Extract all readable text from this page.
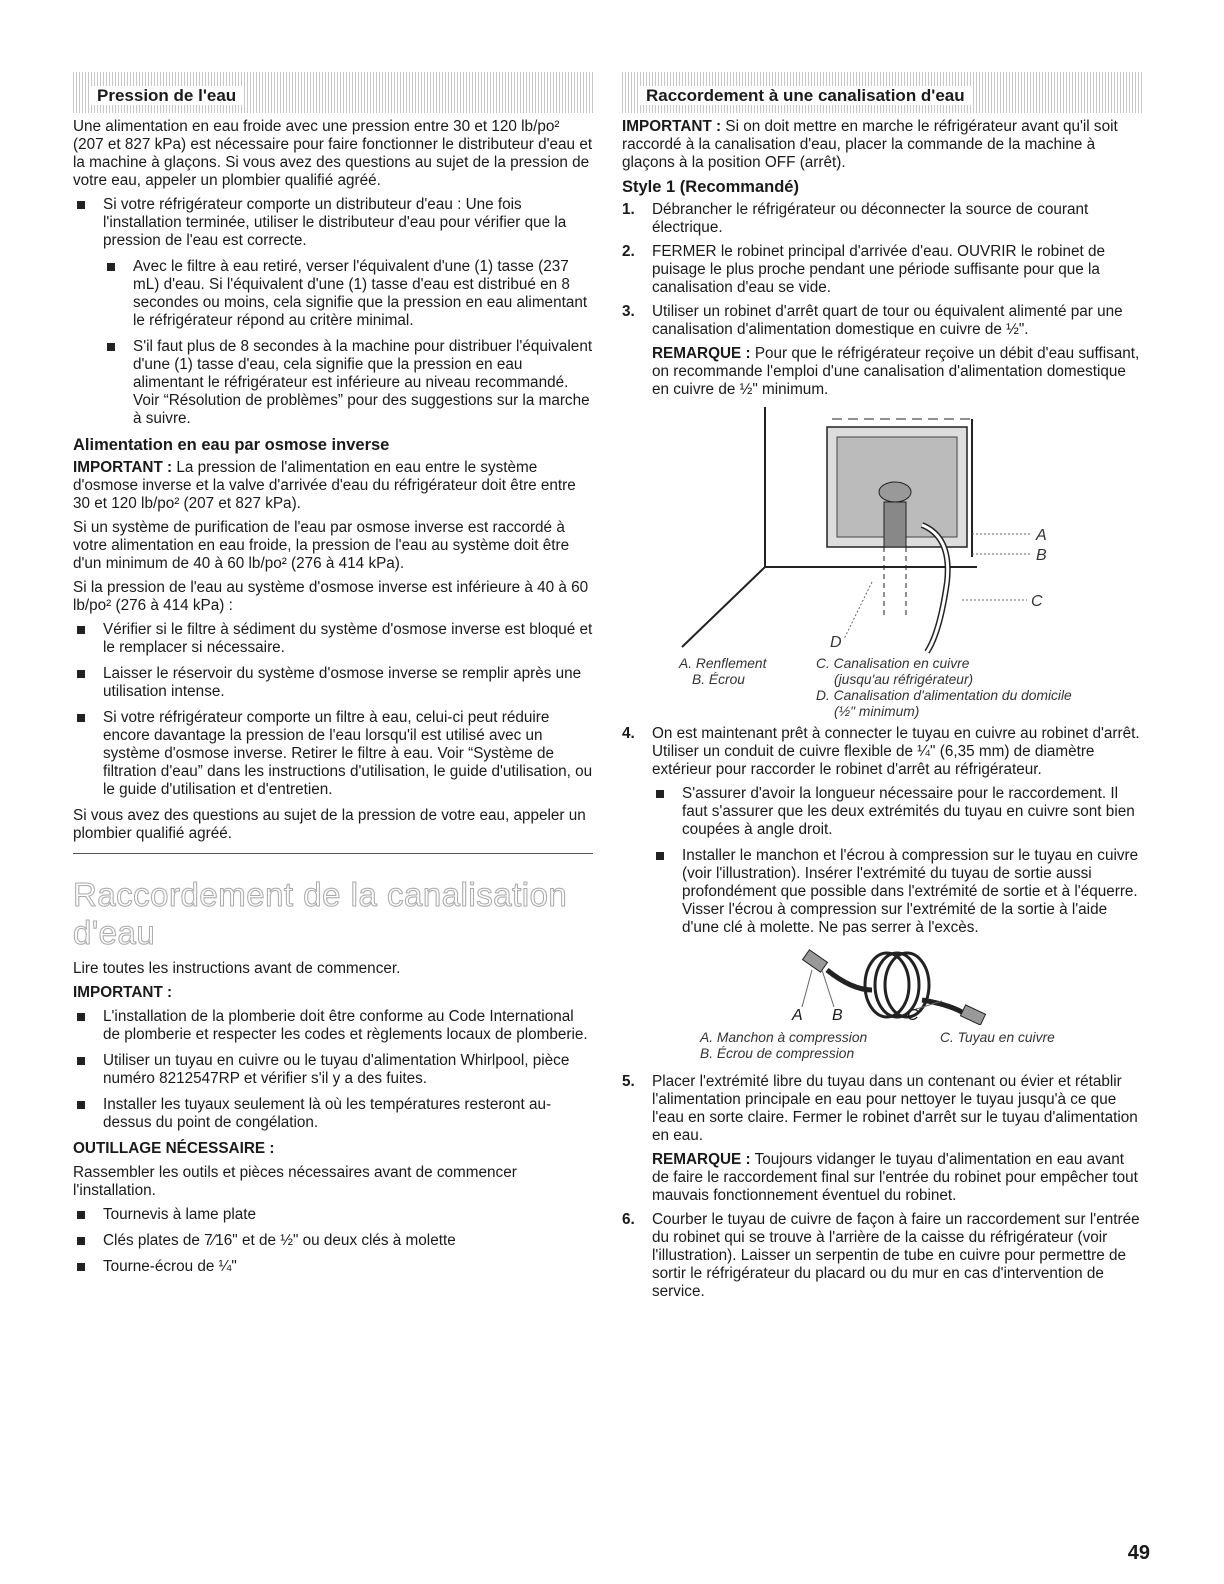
Pression de l'eau

Une alimentation en eau froide avec une pression entre 30 et 120 lb/po² (207 et 827 kPa) est nécessaire pour faire fonctionner le distributeur d'eau et la machine à glaçons. Si vous avez des questions au sujet de la pression de votre eau, appeler un plombier qualifié agréé.

Si votre réfrigérateur comporte un distributeur d'eau : Une fois l'installation terminée, utiliser le distributeur d'eau pour vérifier que la pression de l'eau est correcte.
Avec le filtre à eau retiré, verser l'équivalent d'une (1) tasse (237 mL) d'eau. Si l'équivalent d'une (1) tasse d'eau est distribué en 8 secondes ou moins, cela signifie que la pression en eau alimentant le réfrigérateur répond au critère minimal.
S'il faut plus de 8 secondes à la machine pour distribuer l'équivalent d'une (1) tasse d'eau, cela signifie que la pression en eau alimentant le réfrigérateur est inférieure au niveau recommandé. Voir “Résolution de problèmes” pour des suggestions sur la marche à suivre.
Alimentation en eau par osmose inverse

IMPORTANT : La pression de l'alimentation en eau entre le système d'osmose inverse et la valve d'arrivée d'eau du réfrigérateur doit être entre 30 et 120 lb/po² (207 et 827 kPa).

Si un système de purification de l'eau par osmose inverse est raccordé à votre alimentation en eau froide, la pression de l'eau au système doit être d'un minimum de 40 à 60 lb/po² (276 à 414 kPa).

Si la pression de l'eau au système d'osmose inverse est inférieure à 40 à 60 lb/po² (276 à 414 kPa) :

Vérifier si le filtre à sédiment du système d'osmose inverse est bloqué et le remplacer si nécessaire.
Laisser le réservoir du système d'osmose inverse se remplir après une utilisation intense.
Si votre réfrigérateur comporte un filtre à eau, celui-ci peut réduire encore davantage la pression de l'eau lorsqu'il est utilisé avec un système d'osmose inverse. Retirer le filtre à eau. Voir “Système de filtration d'eau” dans les instructions d'utilisation, le guide d'utilisation, ou le guide d'utilisation et d'entretien.

Si vous avez des questions au sujet de la pression de votre eau, appeler un plombier qualifié agréé.

Raccordement de la canalisation d'eau

Lire toutes les instructions avant de commencer.

IMPORTANT :

L'installation de la plomberie doit être conforme au Code International de plomberie et respecter les codes et règlements locaux de plomberie.
Utiliser un tuyau en cuivre ou le tuyau d'alimentation Whirlpool, pièce numéro 8212547RP et vérifier s'il y a des fuites.
Installer les tuyaux seulement là où les températures resteront au-dessus du point de congélation.

OUTILLAGE NÉCESSAIRE :

Rassembler les outils et pièces nécessaires avant de commencer l'installation.

Tournevis à lame plate
Clés plates de 7⁄16" et de ½" ou deux clés à molette
Tourne-écrou de ¼"
Raccordement à une canalisation d'eau

IMPORTANT : Si on doit mettre en marche le réfrigérateur avant qu'il soit raccordé à la canalisation d'eau, placer la commande de la machine à glaçons à la position OFF (arrêt).

Style 1 (Recommandé)
1. Débrancher le réfrigérateur ou déconnecter la source de courant électrique.
2. FERMER le robinet principal d'arrivée d'eau. OUVRIR le robinet de puisage le plus proche pendant une période suffisante pour que la canalisation d'eau se vide.
3. Utiliser un robinet d'arrêt quart de tour ou équivalent alimenté par une canalisation d'alimentation domestique en cuivre de ½".

REMARQUE : Pour que le réfrigérateur reçoive un débit d'eau suffisant, on recommande l'emploi d'une canalisation d'alimentation domestique en cuivre de ½" minimum.

A
B
C
D
A. Renflement
B. Écrou
C. Canalisation en cuivre
(jusqu'au réfrigérateur)
D. Canalisation d'alimentation du domicile
(½" minimum)
4. On est maintenant prêt à connecter le tuyau en cuivre au robinet d'arrêt. Utiliser un conduit de cuivre flexible de ¼" (6,35 mm) de diamètre extérieur pour raccorder le robinet d'arrêt au réfrigérateur.
S'assurer d'avoir la longueur nécessaire pour le raccordement. Il faut s'assurer que les deux extrémités du tuyau en cuivre sont bien coupées à angle droit.
Installer le manchon et l'écrou à compression sur le tuyau en cuivre (voir l'illustration). Insérer l'extrémité du tuyau de sortie aussi profondément que possible dans l'extrémité de sortie et à l'équerre. Visser l'écrou à compression sur l'extrémité de la sortie à l'aide d'une clé à molette. Ne pas serrer à l'excès.
A B	C
A. Manchon à compression
B. Écrou de compression
C. Tuyau en cuivre
5. Placer l'extrémité libre du tuyau dans un contenant ou évier et rétablir l'alimentation principale en eau pour nettoyer le tuyau jusqu'à ce que l'eau en sorte claire. Fermer le robinet d'arrêt sur le tuyau d'alimentation en eau.

REMARQUE : Toujours vidanger le tuyau d'alimentation en eau avant de faire le raccordement final sur l'entrée du robinet pour empêcher tout mauvais fonctionnement éventuel du robinet.

6. Courber le tuyau de cuivre de façon à faire un raccordement sur l'entrée du robinet qui se trouve à l'arrière de la caisse du réfrigérateur (voir l'illustration). Laisser un serpentin de tube en cuivre pour permettre de sortir le réfrigérateur du placard ou du mur en cas d'intervention de service.
49
